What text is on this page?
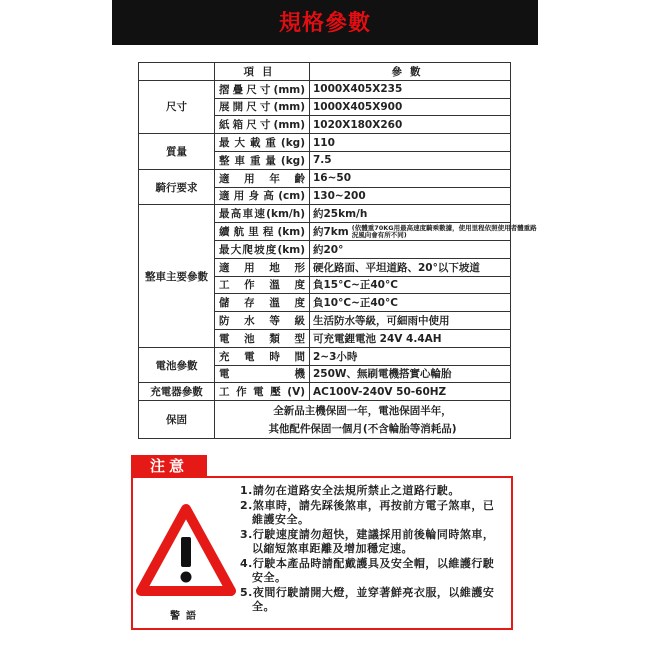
規格參數
	項目	參數
尺寸	摺疊尺寸(mm)	1000X405X235
	展開尺寸(mm)	1000X405X900
	紙箱尺寸(mm)	1020X180X260
質量	最大載重(kg)	110
	整車重量(kg)	7.5
騎行要求	適用年齡	16~50
	適用身高(cm)	130~200
整車主要參數	最高車速(km/h)	約25km/h
	續航里程(km)	約7km (依體重70KG用最高速度騎乘數據，使用里程依照使用者體重路況風向會有所不同)
	最大爬坡度(km)	約20°
	適用地形	硬化路面、平坦道路、20°以下坡道
	工作溫度	負15°C~正40°C
	儲存溫度	負10°C~正40°C
	防水等級	生活防水等級，可細雨中使用
	電池類型	可充電鋰電池 24V 4.4AH
電池參數	充電時間	2~3小時
	電機	250W、無刷電機搭實心輪胎
充電器參數	工作電壓(V)	AC100V-240V 50-60HZ
保固	全新品主機保固一年，電池保固半年，
其他配件保固一個月(不含輪胎等消耗品)	
注意
警語
1.請勿在道路安全法規所禁止之道路行駛。
2.煞車時，請先踩後煞車，再按前方電子煞車，已維護安全。
3.行駛速度請勿超快，建議採用前後輪同時煞車，以縮短煞車距離及增加穩定速。
4.行駛本產品時請配戴護具及安全帽，以維護行駛安全。
5.夜間行駛請開大燈，並穿著鮮亮衣服，以維護安全。
